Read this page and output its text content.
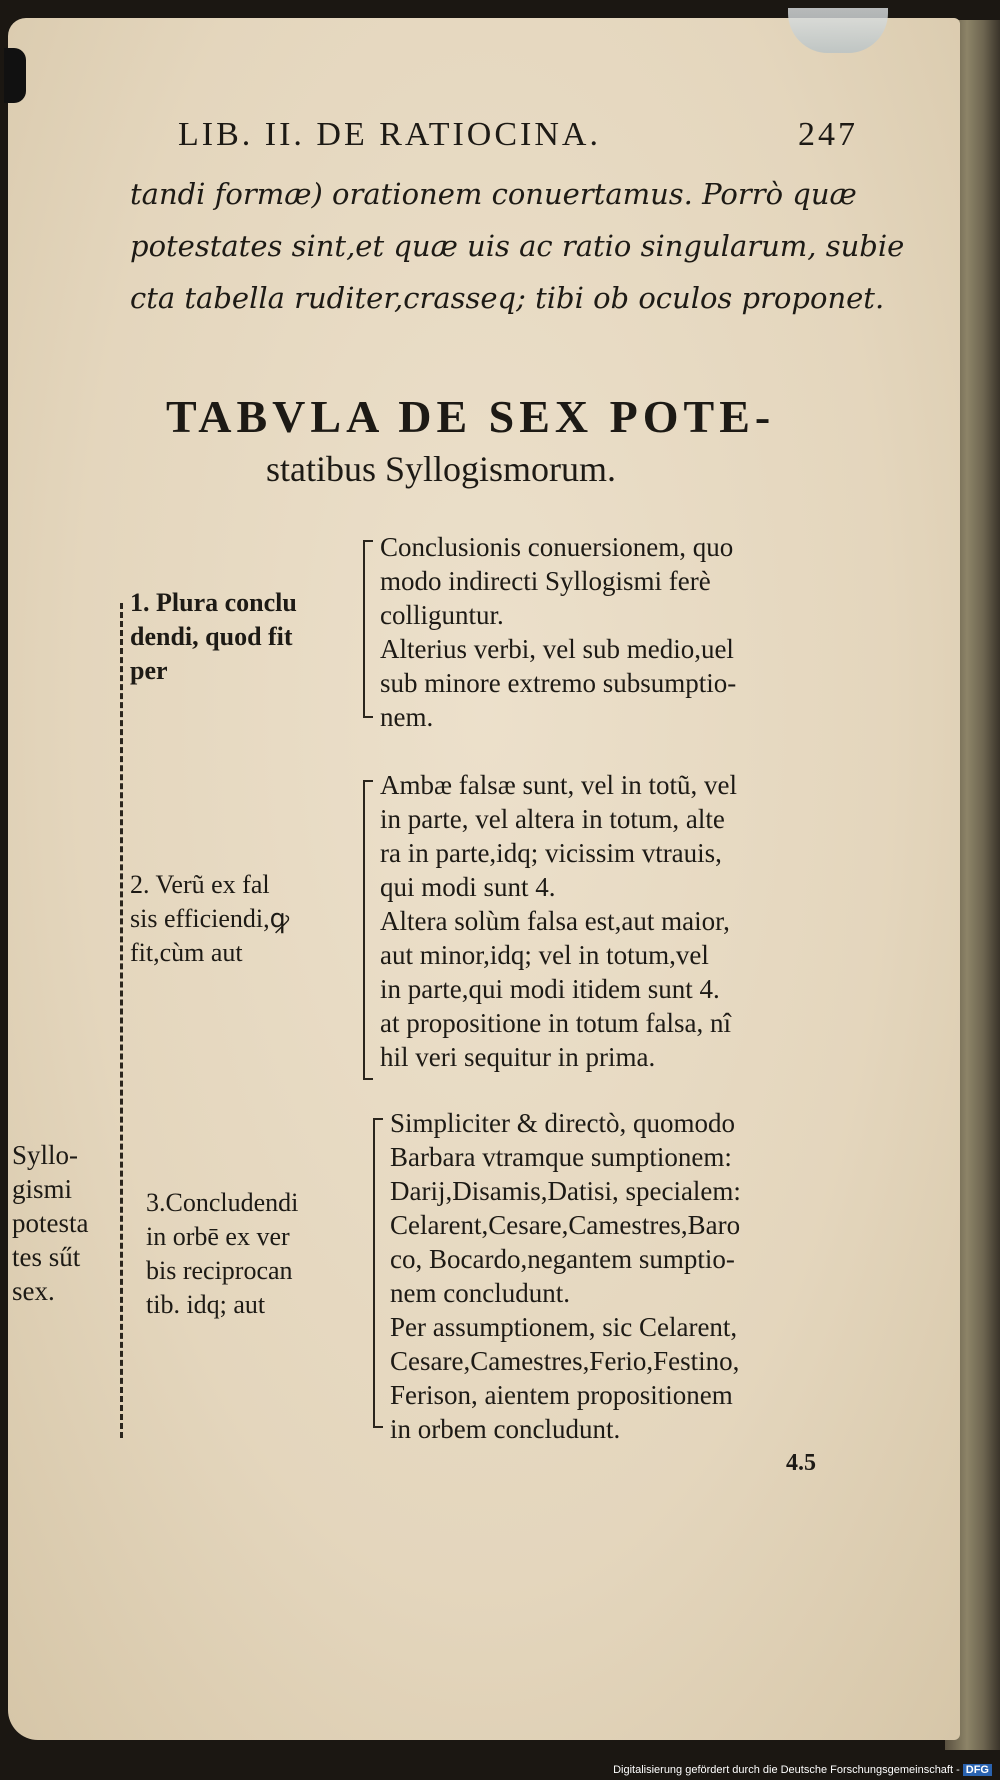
LIB. II. DE RATIOCINA.	247
tandi formæ) orationem conuertamus. Porrò quæ
potestates sint,et quæ uis ac ratio singularum, subie
cta tabella ruditer,crasseq; tibi ob oculos proponet.
TABVLA DE SEX POTE-
statibus Syllogismorum.
Syllo-
gismi
potesta
tes sűt
sex.
1. Plura conclu
dendi, quod fit
per
Conclusionis conuersionem, quo
modo indirecti Syllogismi ferè
colliguntur.
Alterius verbi, vel sub medio,uel
sub minore extremo subsumptio-
nem.
2. Verũ ex fal
sis efficiendi,ꝙ
fit,cùm aut
Ambæ falsæ sunt, vel in totũ, vel
in parte, vel altera in totum, alte
ra in parte,idq; vicissim vtrauis,
qui modi sunt 4.
Altera solùm falsa est,aut maior,
aut minor,idq; vel in totum,vel
in parte,qui modi itidem sunt 4.
at propositione in totum falsa, nî
hil veri sequitur in prima.
3.Concludendi
in orbē ex ver
bis reciprocan
tib. idq; aut
Simpliciter & directò, quomodo
Barbara vtramque sumptionem:
Darij,Disamis,Datisi, specialem:
Celarent,Cesare,Camestres,Baro
co, Bocardo,negantem sumptio-
nem concludunt.
Per assumptionem, sic Celarent,
Cesare,Camestres,Ferio,Festino,
Ferison, aientem propositionem
in orbem concludunt.
4.5
Digitalisierung gefördert durch die Deutsche Forschungsgemeinschaft - DFG
